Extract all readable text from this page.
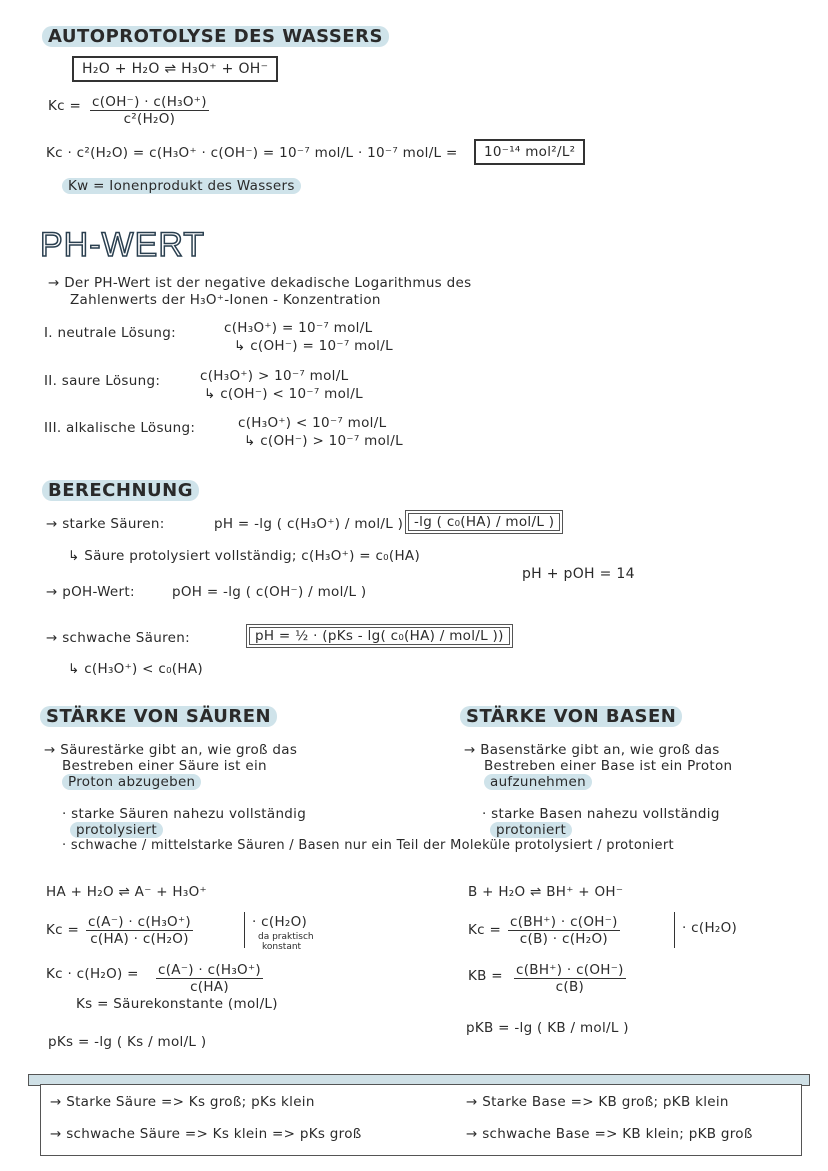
AUTOPROTOLYSE DES WASSERS
H₂O + H₂O ⇌ H₃O⁺ + OH⁻
$Kc = \frac{\text{c(OH⁻) · c(H₃O⁺)}}{\text{c²(H₂O)}}$
Kc · c²(H₂O) = c(H₃O⁺ · c(OH⁻) = 10⁻⁷ mol/L · 10⁻⁷ mol/L =	10⁻¹⁴ mol²/L²
Kw = Ionenprodukt des Wassers
PH-WERT
→ Der PH-Wert ist der negative dekadische Logarithmus des
Zahlenwerts der H₃O⁺-Ionen - Konzentration
I. neutrale Lösung:	c(H₃O⁺) = 10⁻⁷ mol/L
↳ c(OH⁻) = 10⁻⁷ mol/L
II. saure Lösung:	c(H₃O⁺) > 10⁻⁷ mol/L
↳ c(OH⁻) < 10⁻⁷ mol/L
III. alkalische Lösung:	c(H₃O⁺) < 10⁻⁷ mol/L
↳ c(OH⁻) > 10⁻⁷ mol/L
BERECHNUNG
→ starke Säuren:	pH = -lg ( c(H₃O⁺) / mol/L ) -lg ( c₀(HA) / mol/L )
↳ Säure protolysiert vollständig; c(H₃O⁺) = c₀(HA)
pH + pOH = 14
→ pOH-Wert:	pOH = -lg ( c(OH⁻) / mol/L )
→ schwache Säuren:	pH = ½ · (pKs - lg( c₀(HA) / mol/L ))
↳ c(H₃O⁺) < c₀(HA)
STÄRKE VON SÄUREN	STÄRKE VON BASEN
→ Säurestärke gibt an, wie groß das
Bestreben einer Säure ist ein
Proton abzugeben
→ Basenstärke gibt an, wie groß das
Bestreben einer Base ist ein Proton
aufzunehmen
· starke Säuren nahezu vollständig
protolysiert
· starke Basen nahezu vollständig
protoniert
· schwache / mittelstarke Säuren / Basen nur ein Teil der Moleküle protolysiert / protoniert
HA + H₂O ⇌ A⁻ + H₃O⁺
$Kc = \frac{\text{c(A⁻) · c(H₃O⁺)}}{\text{c(HA) · c(H₂O)}}$	· c(H₂O)
da praktisch
konstant
$Kc \cdot c(H_2O) = \frac{\text{c(A⁻) · c(H₃O⁺)}}{c(HA)}$
Ks = Säurekonstante (mol/L)
pKs = -lg ( Ks / mol/L )
B + H₂O ⇌ BH⁺ + OH⁻
$Kc = \frac{c(BH^+) \cdot c(OH^-)}{\text{c(B) · c(H₂O)}}$	· c(H₂O)
KB = $\frac{c(BH^+) \cdot c(OH^-)}{c(B)}$
pKB = -lg ( KB / mol/L )
→ Starke Säure => Ks groß; pKs klein
→ schwache Säure => Ks klein => pKs groß
→ Starke Base => KB groß; pKB klein
→ schwache Base => KB klein; pKB groß
